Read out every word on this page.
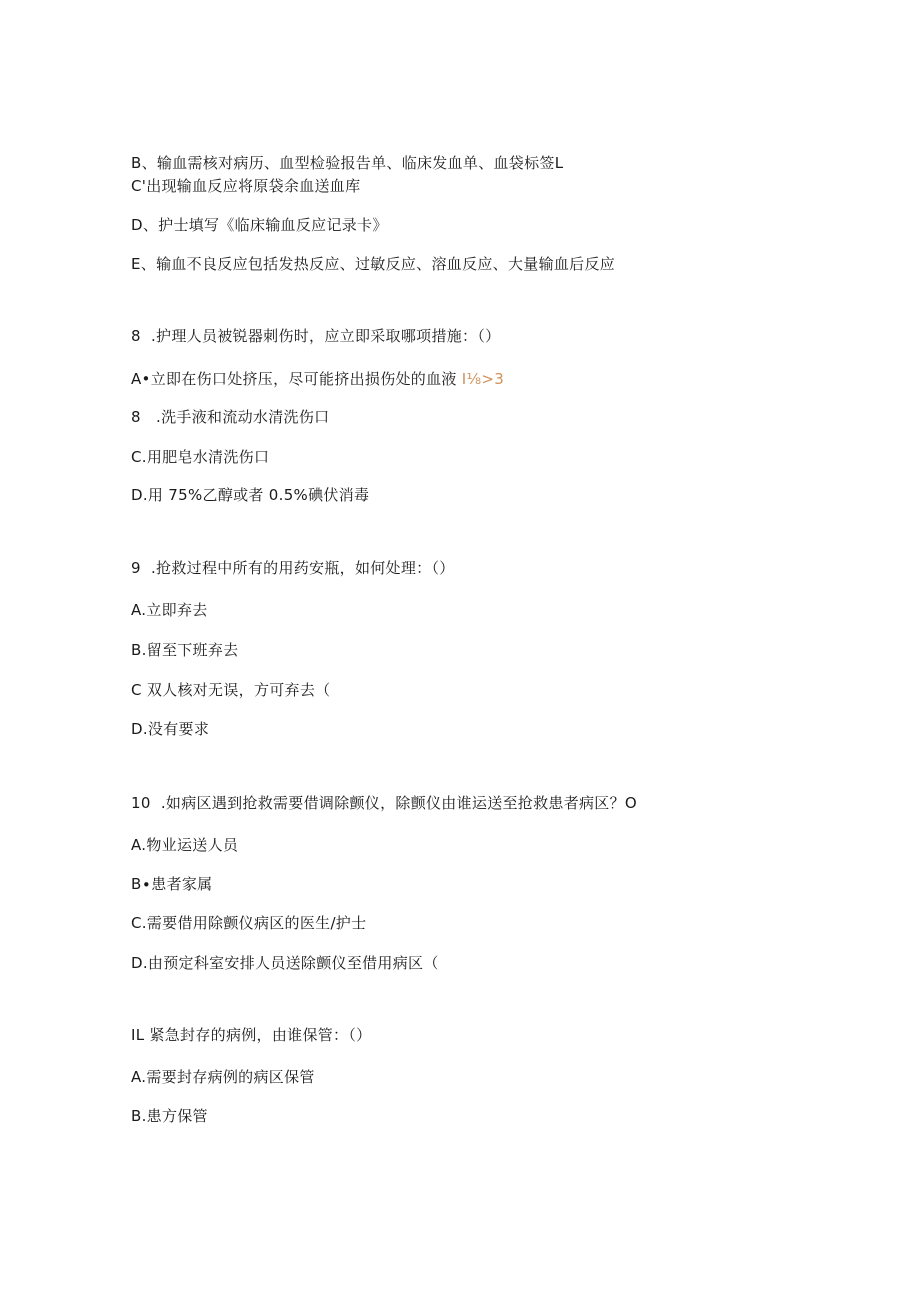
B、输血需核对病历、血型检验报告单、临床发血单、血袋标签L
C'出现输血反应将原袋余血送血库
D、护士填写《临床输血反应记录卡》
E、输血不良反应包括发热反应、过敏反应、溶血反应、大量输血后反应
8  .护理人员被锐器刺伤时，应立即采取哪项措施：（）
A•立即在伤口处挤压，尽可能挤出损伤处的血液 I⅛>3
8   .洗手液和流动水清洗伤口
C.用肥皂水清洗伤口
D.用 75%乙醇或者 0.5%碘伏消毒
9  .抢救过程中所有的用药安瓶，如何处理：（）
A.立即弃去
B.留至下班弃去
C 双人核对无误，方可弃去（
D.没有要求
10  .如病区遇到抢救需要借调除颤仪，除颤仪由谁运送至抢救患者病区？O
A.物业运送人员
B∙患者家属
C.需要借用除颤仪病区的医生/护士
D.由预定科室安排人员送除颤仪至借用病区（
IL 紧急封存的病例，由谁保管：（）
A.需要封存病例的病区保管
B.患方保管
